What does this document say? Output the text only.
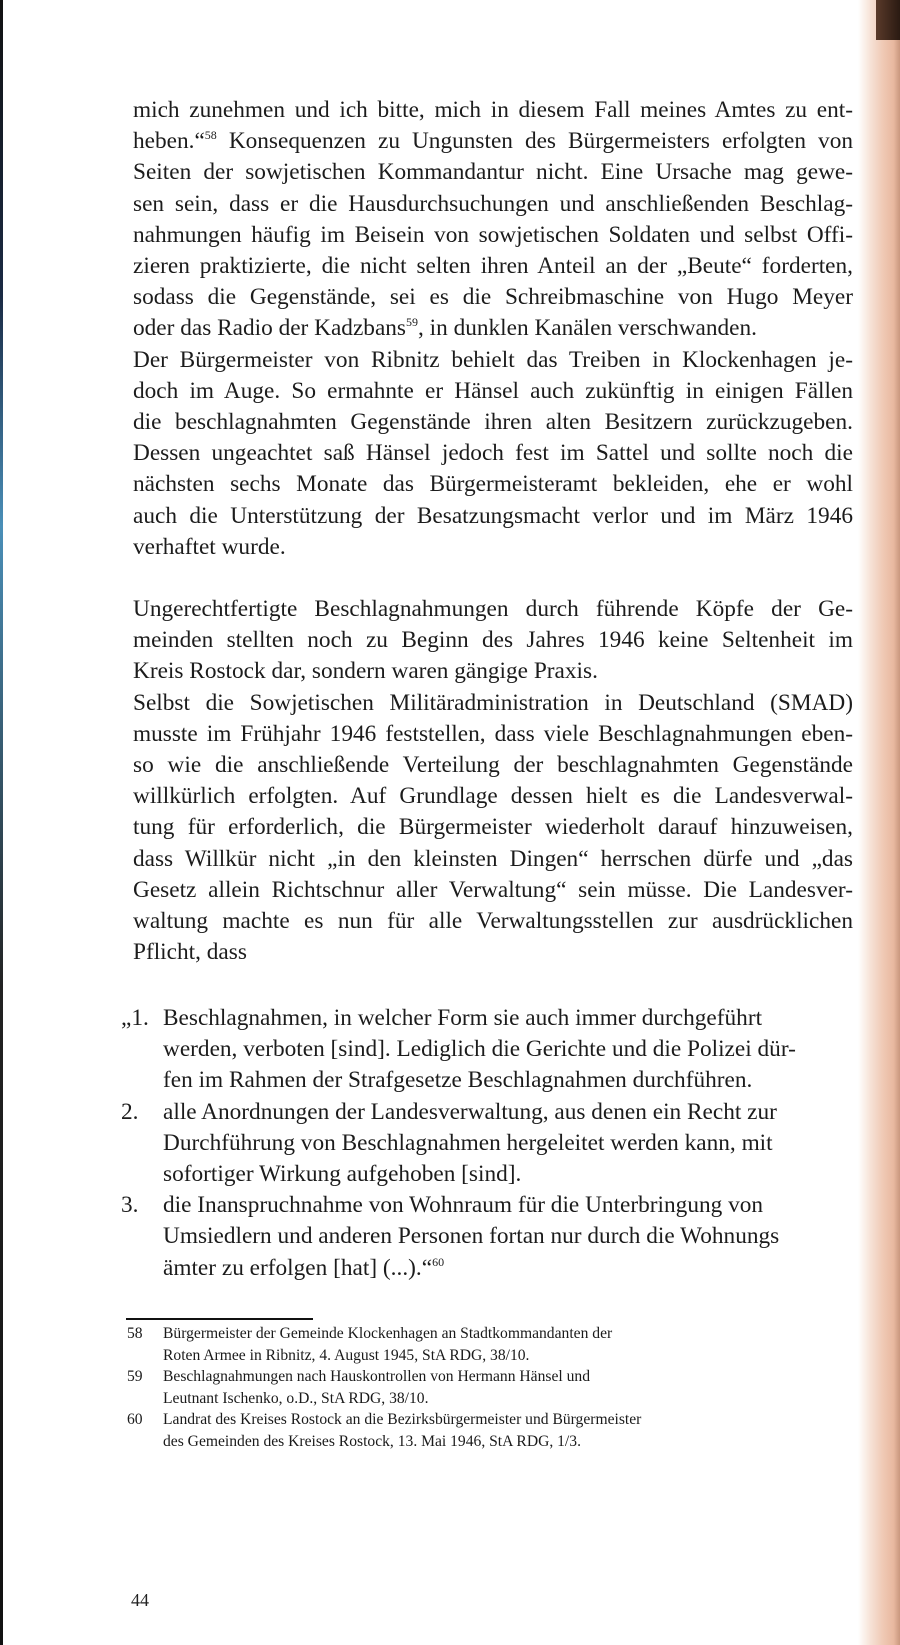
mich zunehmen und ich bitte, mich in diesem Fall meines Amtes zu ent-
heben.“$^{58}$ Konsequenzen zu Ungunsten des Bürgermeisters erfolgten von
Seiten der sowjetischen Kommandantur nicht. Eine Ursache mag gewe-
sen sein, dass er die Hausdurchsuchungen und anschließenden Beschlag-
nahmungen häufig im Beisein von sowjetischen Soldaten und selbst Offi-
zieren praktizierte, die nicht selten ihren Anteil an der „Beute“ forderten,
sodass die Gegenstände, sei es die Schreibmaschine von Hugo Meyer
oder das Radio der Kadzbans$^{59}$, in dunklen Kanälen verschwanden.
Der Bürgermeister von Ribnitz behielt das Treiben in Klockenhagen je-
doch im Auge. So ermahnte er Hänsel auch zukünftig in einigen Fällen
die beschlagnahmten Gegenstände ihren alten Besitzern zurückzugeben.
Dessen ungeachtet saß Hänsel jedoch fest im Sattel und sollte noch die
nächsten sechs Monate das Bürgermeisteramt bekleiden, ehe er wohl
auch die Unterstützung der Besatzungsmacht verlor und im März 1946
verhaftet wurde.
Ungerechtfertigte Beschlagnahmungen durch führende Köpfe der Ge-
meinden stellten noch zu Beginn des Jahres 1946 keine Seltenheit im
Kreis Rostock dar, sondern waren gängige Praxis.
Selbst die Sowjetischen Militäradministration in Deutschland (SMAD)
musste im Frühjahr 1946 feststellen, dass viele Beschlagnahmungen eben-
so wie die anschließende Verteilung der beschlagnahmten Gegenstände
willkürlich erfolgten. Auf Grundlage dessen hielt es die Landesverwal-
tung für erforderlich, die Bürgermeister wiederholt darauf hinzuweisen,
dass Willkür nicht „in den kleinsten Dingen“ herrschen dürfe und „das
Gesetz allein Richtschnur aller Verwaltung“ sein müsse. Die Landesver-
waltung machte es nun für alle Verwaltungsstellen zur ausdrücklichen
Pflicht, dass
„1. Beschlagnahmen, in welcher Form sie auch immer durchgeführt
werden, verboten [sind]. Lediglich die Gerichte und die Polizei dür-
fen im Rahmen der Strafgesetze Beschlagnahmen durchführen.
2.	alle Anordnungen der Landesverwaltung, aus denen ein Recht zur
Durchführung von Beschlagnahmen hergeleitet werden kann, mit
sofortiger Wirkung aufgehoben [sind].
3.	die Inanspruchnahme von Wohnraum für die Unterbringung von
Umsiedlern und anderen Personen fortan nur durch die Wohnungs
ämter zu erfolgen [hat] (...).“$^{60}$
58 Bürgermeister der Gemeinde Klockenhagen an Stadtkommandanten der
Roten Armee in Ribnitz, 4. August 1945, StA RDG, 38/10.
59 Beschlagnahmungen nach Hauskontrollen von Hermann Hänsel und
Leutnant Ischenko, o.D., StA RDG, 38/10.
60 Landrat des Kreises Rostock an die Bezirksbürgermeister und Bürgermeister
des Gemeinden des Kreises Rostock, 13. Mai 1946, StA RDG, 1/3.
44
